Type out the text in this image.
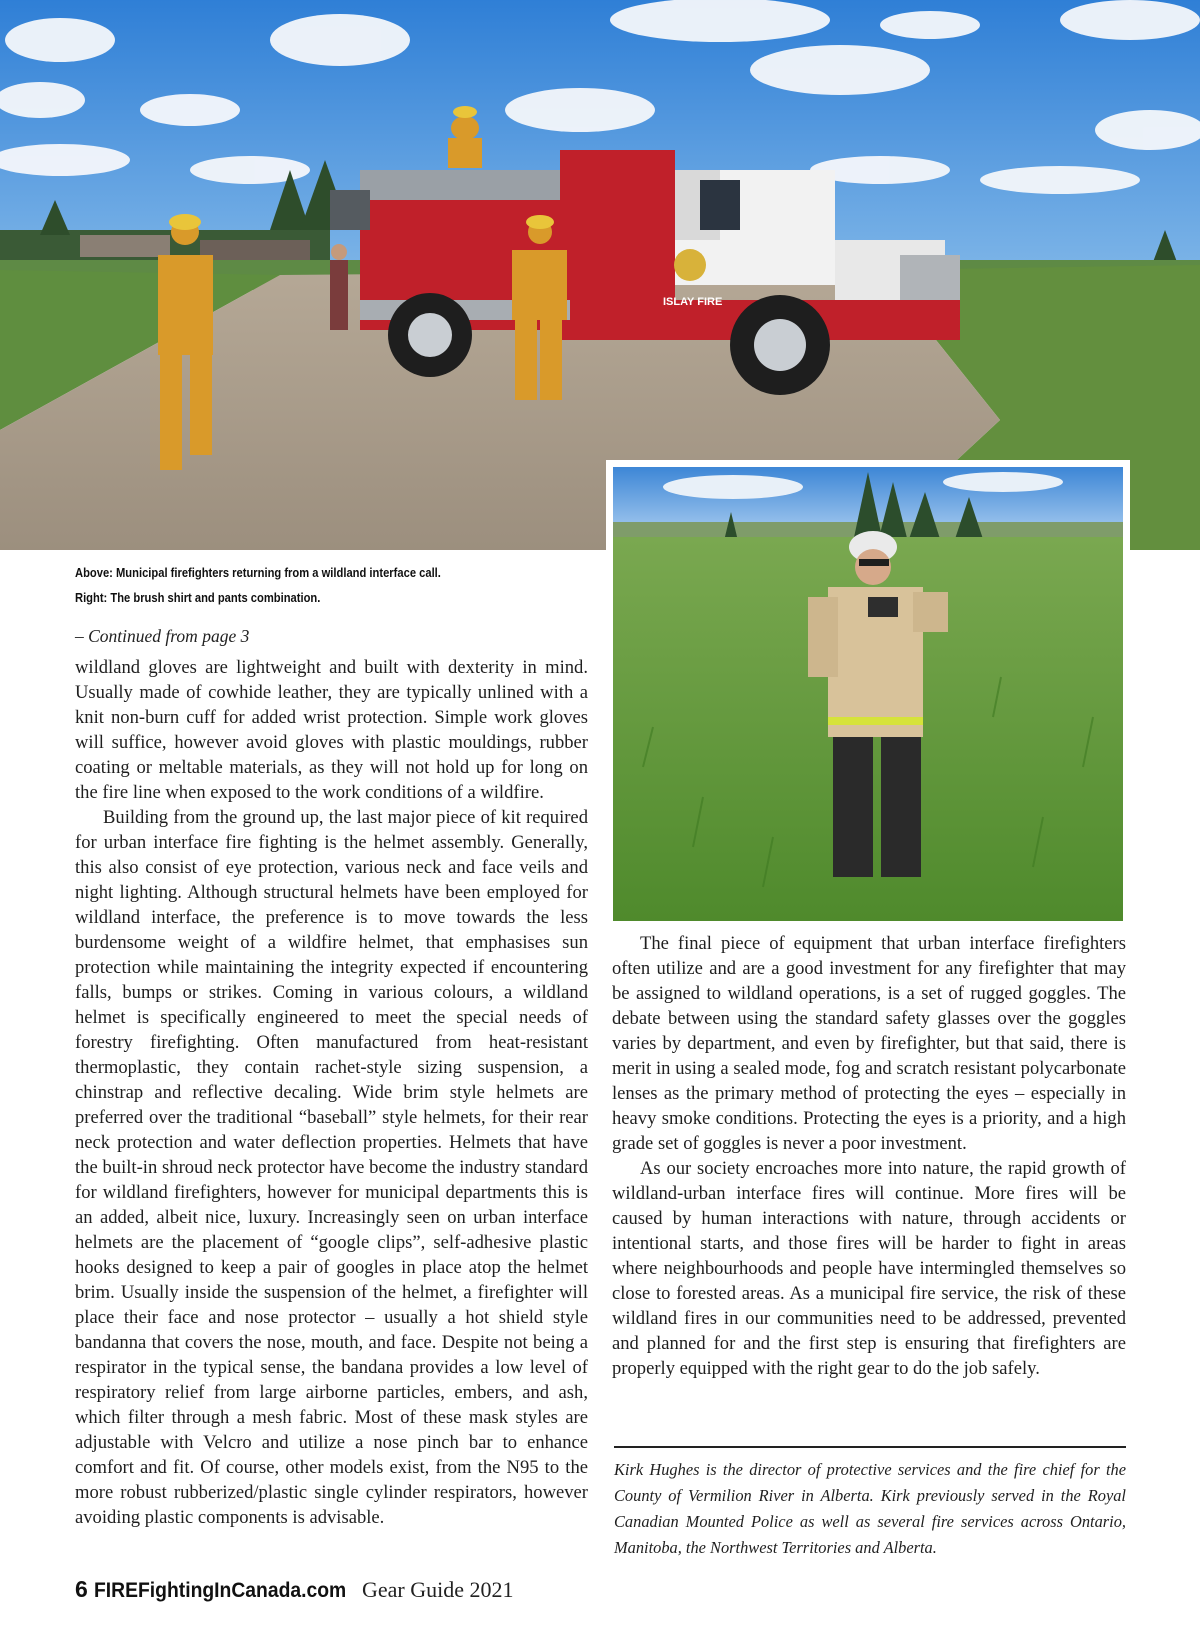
ISLAY FIRE

Above: Municipal firefighters returning from a wildland interface call.

Right: The brush shirt and pants combination.

– Continued from page 3

wildland gloves are lightweight and built with dexterity in mind. Usually made of cowhide leather, they are typically unlined with a knit non-burn cuff for added wrist protection. Simple work gloves will suffice, however avoid gloves with plastic mouldings, rubber coating or meltable materials, as they will not hold up for long on the fire line when exposed to the work conditions of a wildfire.

Building from the ground up, the last major piece of kit required for urban interface fire fighting is the helmet assembly. Generally, this also consist of eye protection, various neck and face veils and night lighting. Although structural helmets have been employed for wildland interface, the preference is to move towards the less burdensome weight of a wildfire helmet, that emphasises sun protection while maintaining the integrity expected if encountering falls, bumps or strikes. Coming in various colours, a wildland helmet is specifically engineered to meet the special needs of forestry firefighting. Often manufactured from heat-resistant thermoplastic, they contain rachet-style sizing suspension, a chinstrap and reflective decaling. Wide brim style helmets are preferred over the traditional “baseball” style helmets, for their rear neck protection and water deflection properties. Helmets that have the built-in shroud neck protector have become the industry standard for wildland firefighters, however for municipal departments this is an added, albeit nice, luxury. Increasingly seen on urban interface helmets are the placement of “google clips”, self-adhesive plastic hooks designed to keep a pair of googles in place atop the helmet brim. Usually inside the suspension of the helmet, a firefighter will place their face and nose protector – usually a hot shield style bandanna that covers the nose, mouth, and face. Despite not being a respirator in the typical sense, the bandana provides a low level of respiratory relief from large airborne particles, embers, and ash, which filter through a mesh fabric. Most of these mask styles are adjustable with Velcro and utilize a nose pinch bar to enhance comfort and fit. Of course, other models exist, from the N95 to the more robust rubberized/plastic single cylinder respirators, however avoiding plastic components is advisable.

The final piece of equipment that urban interface firefighters often utilize and are a good investment for any firefighter that may be assigned to wildland operations, is a set of rugged goggles. The debate between using the standard safety glasses over the goggles varies by department, and even by firefighter, but that said, there is merit in using a sealed mode, fog and scratch resistant polycarbonate lenses as the primary method of protecting the eyes – especially in heavy smoke conditions. Protecting the eyes is a priority, and a high grade set of goggles is never a poor investment.

As our society encroaches more into nature, the rapid growth of wildland-urban interface fires will continue. More fires will be caused by human interactions with nature, through accidents or intentional starts, and those fires will be harder to fight in areas where neighbourhoods and people have intermingled themselves so close to forested areas. As a municipal fire service, the risk of these wildland fires in our communities need to be addressed, prevented and planned for and the first step is ensuring that firefighters are properly equipped with the right gear to do the job safely.

Kirk Hughes is the director of protective services and the fire chief for the County of Vermilion River in Alberta. Kirk previously served in the Royal Canadian Mounted Police as well as several fire services across Ontario, Manitoba, the Northwest Territories and Alberta.
6 FIREFightingInCanada.com Gear Guide 2021
